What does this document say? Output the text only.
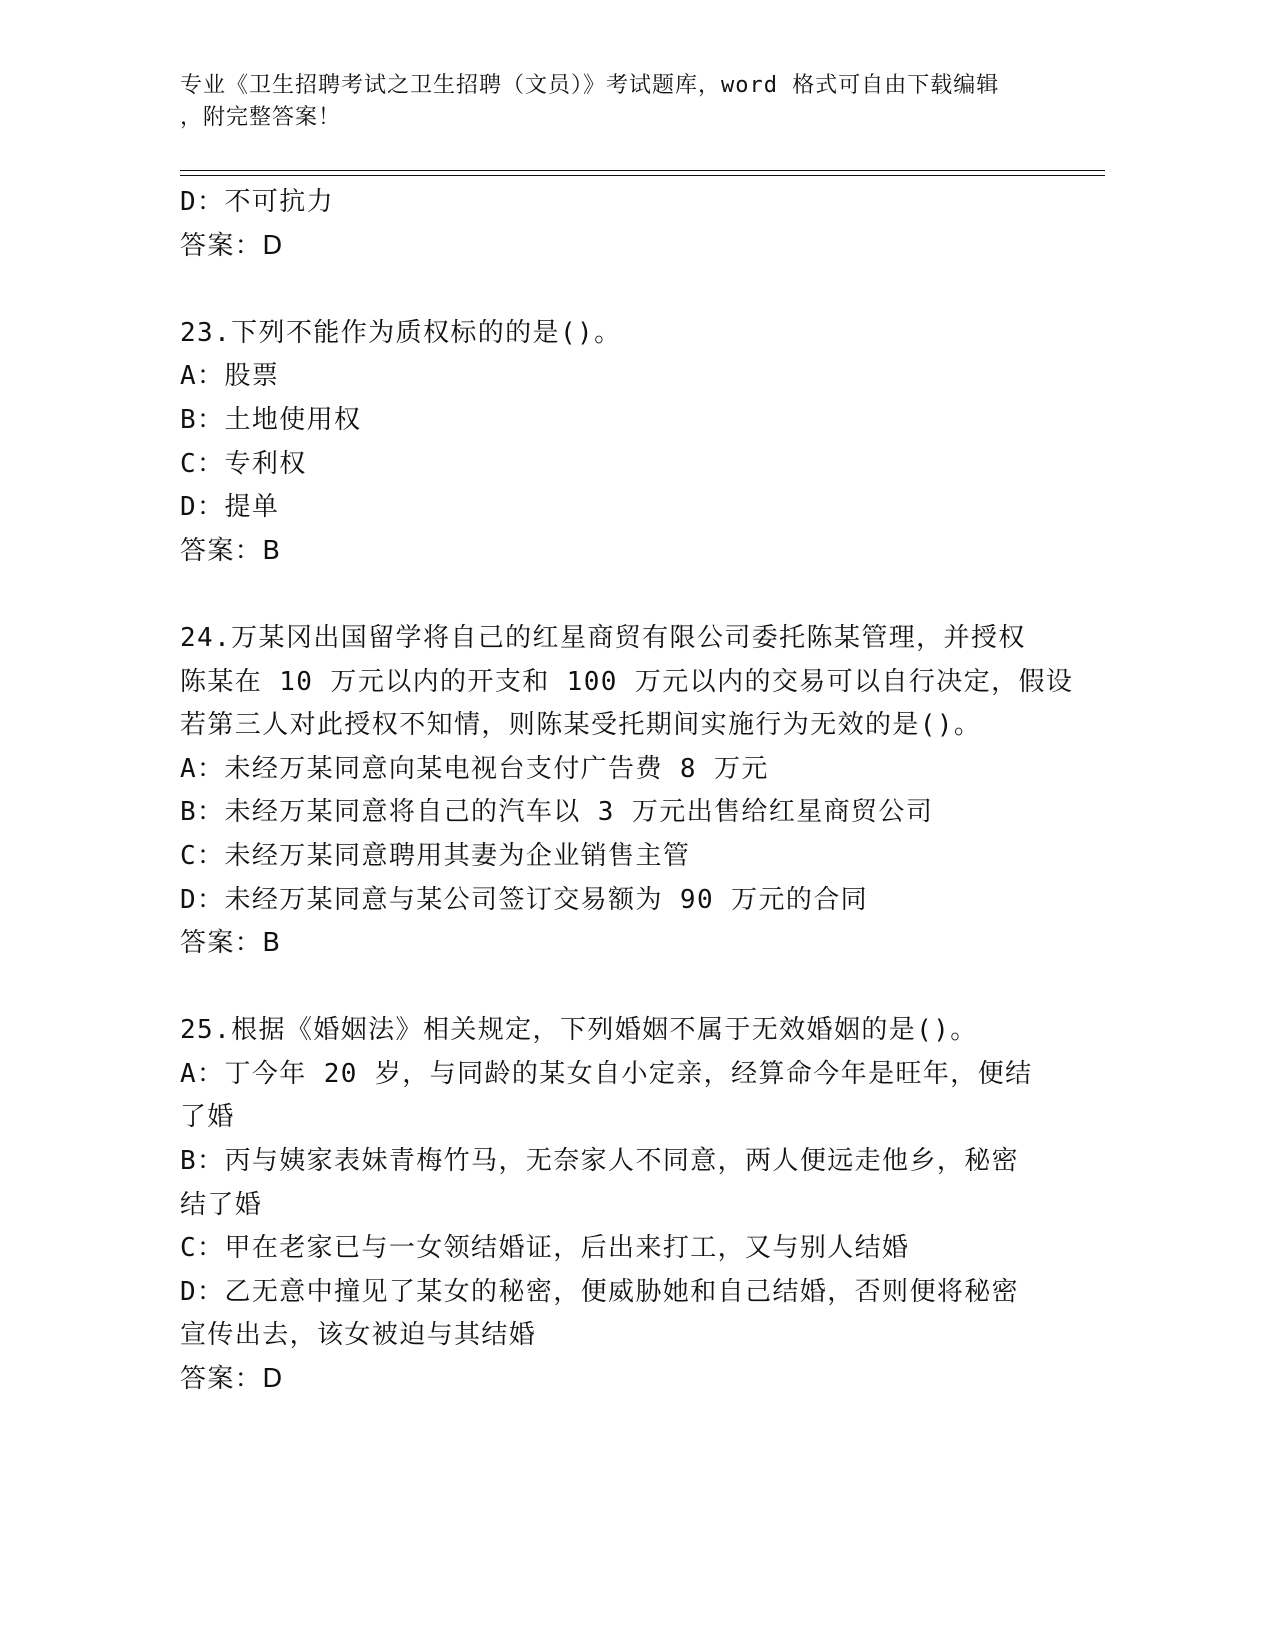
专业《卫生招聘考试之卫生招聘（文员）》考试题库，word 格式可自由下载编辑
，附完整答案！
D：不可抗力
答案：D
23.下列不能作为质权标的的是()。
A：股票
B：土地使用权
C：专利权
D：提单
答案：B
24.万某冈出国留学将自己的红星商贸有限公司委托陈某管理，并授权
陈某在 10 万元以内的开支和 100 万元以内的交易可以自行决定，假设
若第三人对此授权不知情，则陈某受托期间实施行为无效的是()。
A：未经万某同意向某电视台支付广告费 8 万元
B：未经万某同意将自己的汽车以 3 万元出售给红星商贸公司
C：未经万某同意聘用其妻为企业销售主管
D：未经万某同意与某公司签订交易额为 90 万元的合同
答案：B
25.根据《婚姻法》相关规定，下列婚姻不属于无效婚姻的是()。
A：丁今年 20 岁，与同龄的某女自小定亲，经算命今年是旺年，便结
了婚
B：丙与姨家表妹青梅竹马，无奈家人不同意，两人便远走他乡，秘密
结了婚
C：甲在老家已与一女领结婚证，后出来打工，又与别人结婚
D：乙无意中撞见了某女的秘密，便威胁她和自己结婚，否则便将秘密
宣传出去，该女被迫与其结婚
答案：D
